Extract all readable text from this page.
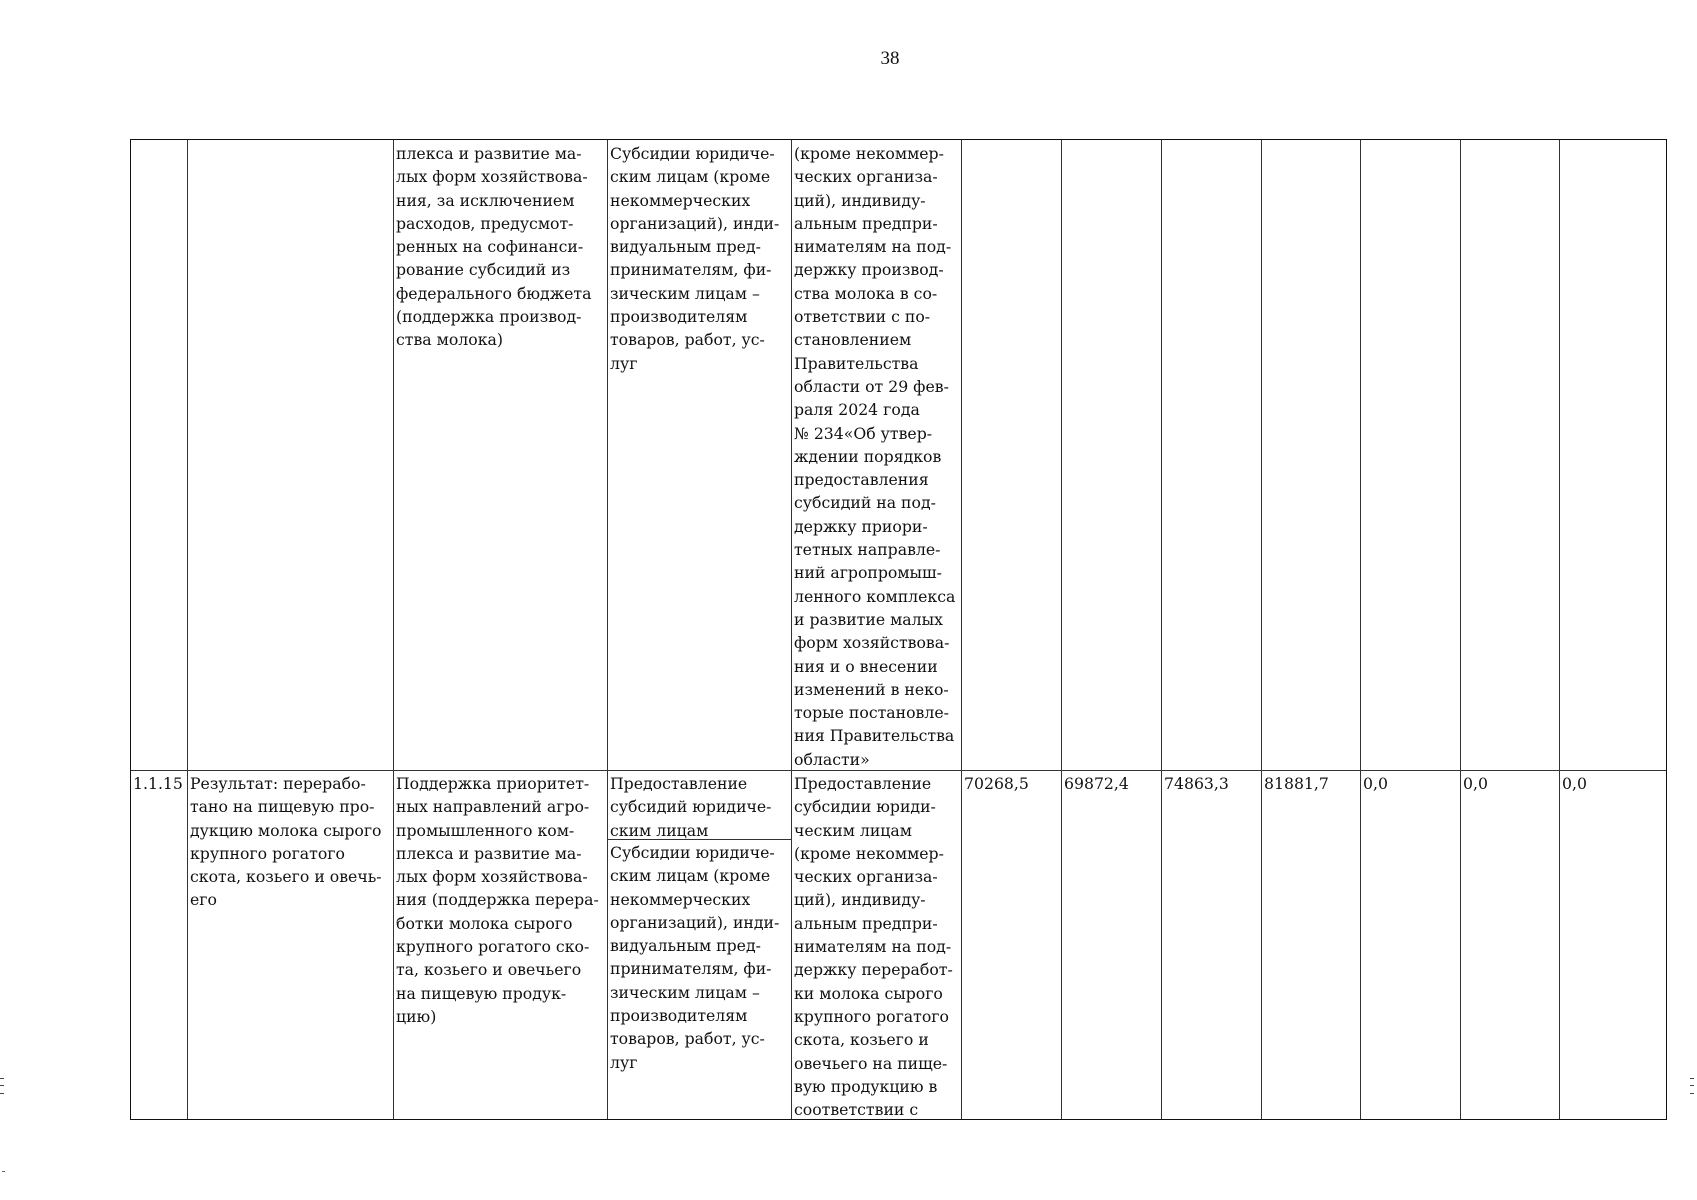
38
плекса и развитие ма-
лых форм хозяйствова-
ния, за исключением
расходов, предусмот-
ренных на софинанси-
рование субсидий из
федерального бюджета
(поддержка производ-
ства молока)
Субсидии юридиче-
ским лицам (кроме
некоммерческих
организаций), инди-
видуальным пред-
принимателям, фи-
зическим лицам –
производителям
товаров, работ, ус-
луг
(кроме некоммер-
ческих организа-
ций), индивиду-
альным предпри-
нимателям на под-
держку производ-
ства молока в со-
ответствии с по-
становлением
Правительства
области от 29 фев-
раля 2024 года
№ 234«Об утвер-
ждении порядков
предоставления
субсидий на под-
держку приори-
тетных направле-
ний агропромыш-
ленного комплекса
и развитие малых
форм хозяйствова-
ния и о внесении
изменений в неко-
торые постановле-
ния Правительства
области»
1.1.15 Результат: перерабо-
тано на пищевую про-
дукцию молока сырого
крупного рогатого
скота, козьего и овечь-
его
Поддержка приоритет-
ных направлений агро-
промышленного ком-
плекса и развитие ма-
лых форм хозяйствова-
ния (поддержка перера-
ботки молока сырого
крупного рогатого ско-
та, козьего и овечьего
на пищевую продук-
цию)
Предоставление
субсидий юридиче-
ским лицам
Субсидии юридиче-
ским лицам (кроме
некоммерческих
организаций), инди-
видуальным пред-
принимателям, фи-
зическим лицам –
производителям
товаров, работ, ус-
луг
Предоставление
субсидии юриди-
ческим лицам
(кроме некоммер-
ческих организа-
ций), индивиду-
альным предпри-
нимателям на под-
держку переработ-
ки молока сырого
крупного рогатого
скота, козьего и
овечьего на пище-
вую продукцию в
соответствии с
70268,5 69872,4 74863,3 81881,7 0,0	0,0	0,0
